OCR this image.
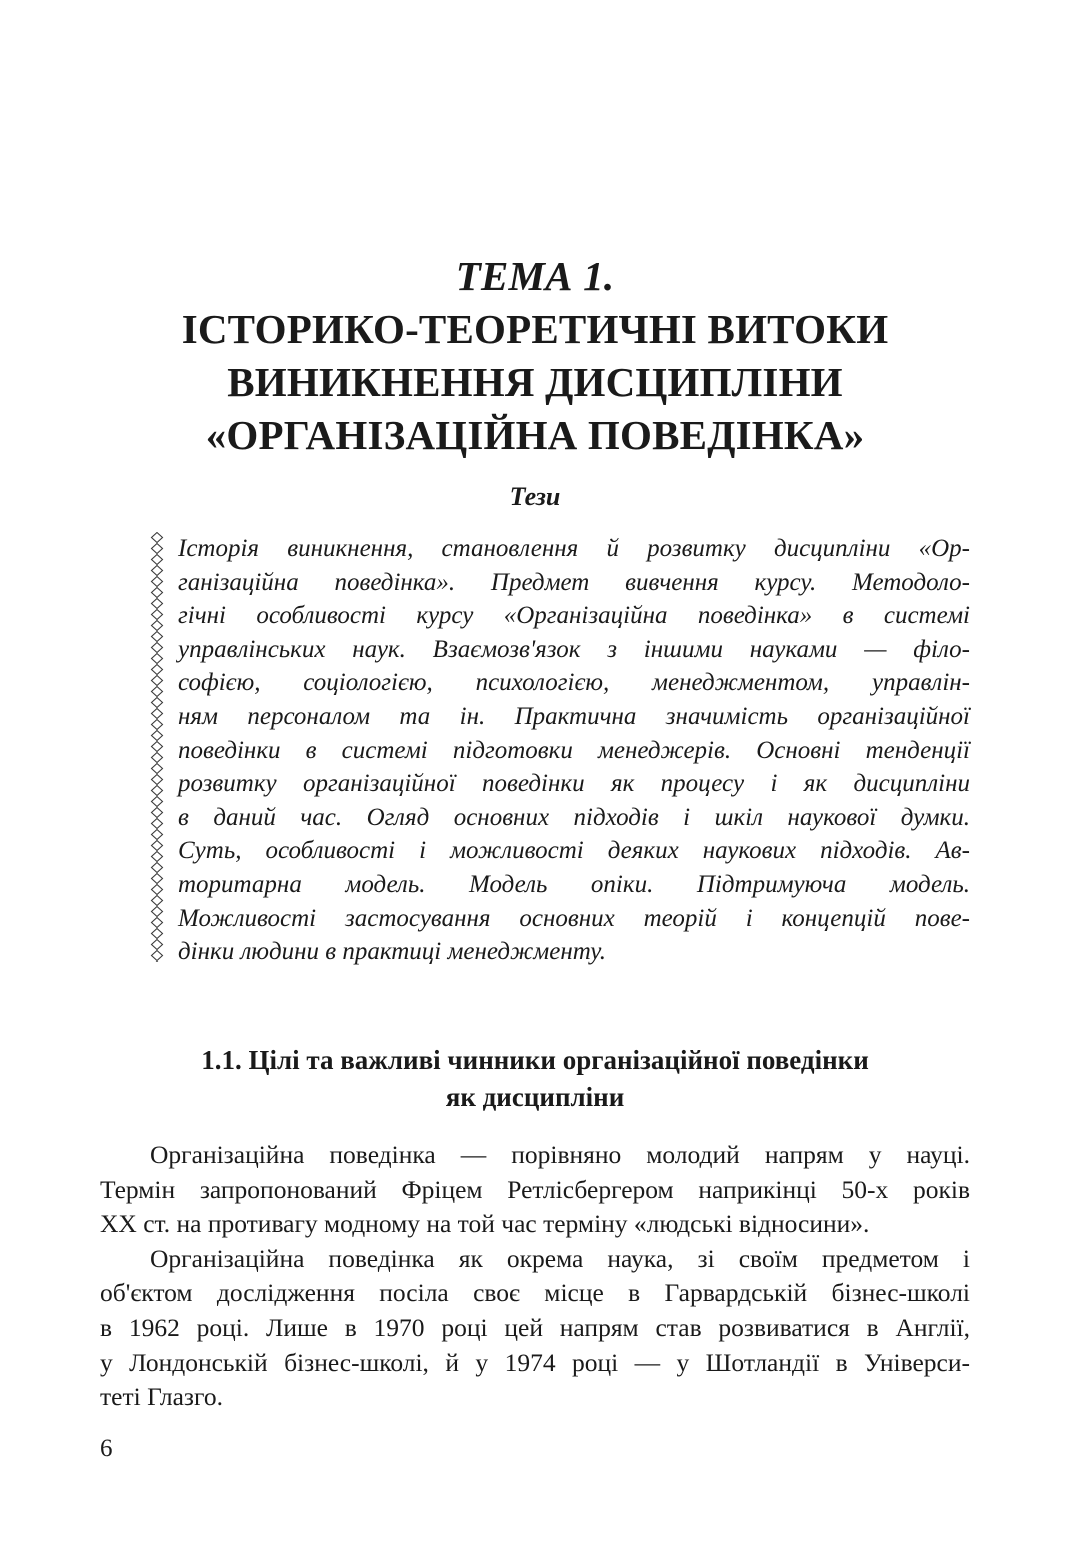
ТЕМА 1.
ІСТОРИКО-ТЕОРЕТИЧНІ ВИТОКИ
ВИНИКНЕННЯ ДИСЦИПЛІНИ
«ОРГАНІЗАЦІЙНА ПОВЕДІНКА»
Тези

Історія виникнення, становлення й розвитку дисципліни «Ор-
ганізаційна поведінка». Предмет вивчення курсу. Методоло-
гічні особливості курсу «Організаційна поведінка» в системі
управлінських наук. Взаємозв'язок з іншими науками — філо-
софією, соціологією, психологією, менеджментом, управлін-
ням персоналом та ін. Практична значимість організаційної
поведінки в системі підготовки менеджерів. Основні тенденції
розвитку організаційної поведінки як процесу і як дисципліни
в даний час. Огляд основних підходів і шкіл наукової думки.
Суть, особливості і можливості деяких наукових підходів. Ав-
торитарна модель. Модель опіки. Підтримуюча модель.
Можливості застосування основних теорій і концепцій пове-
дінки людини в практиці менеджменту.

1.1. Цілі та важливі чинники організаційної поведінки
як дисципліни
Організаційна поведінка — порівняно молодий напрям у науці.
Термін запропонований Фріцем Ретлісбергером наприкінці 50-х років
XX ст. на противагу модному на той час терміну «людські відносини».
Організаційна поведінка як окрема наука, зі своїм предметом і
об'єктом дослідження посіла своє місце в Гарвардській бізнес-школі
в 1962 році. Лише в 1970 році цей напрям став розвиватися в Англії,
у Лондонській бізнес-школі, й у 1974 році — у Шотландії в Універси-
теті Глазго.
6
